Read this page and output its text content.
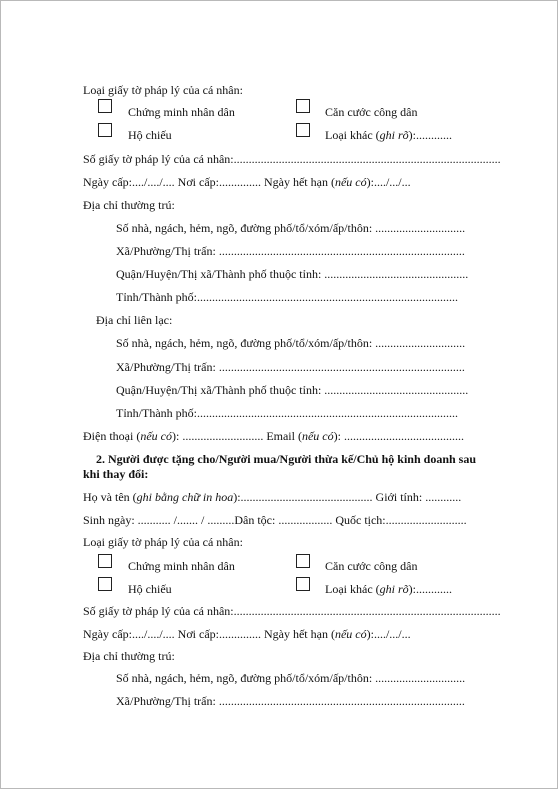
Loại giấy tờ pháp lý của cá nhân:
Chứng minh nhân dân	Căn cước công dân
Hộ chiếu	Loại khác (ghi rõ):............
Số giấy tờ pháp lý của cá nhân:.........................................................................................
Ngày cấp:..../..../.... Nơi cấp:.............. Ngày hết hạn (nếu có):..../.../...
Địa chỉ thường trú:
Số nhà, ngách, hẻm, ngõ, đường phố/tổ/xóm/ấp/thôn: ..............................
Xã/Phường/Thị trấn: ..................................................................................
Quận/Huyện/Thị xã/Thành phố thuộc tỉnh: ................................................
Tỉnh/Thành phố:.......................................................................................
Địa chỉ liên lạc:
Số nhà, ngách, hẻm, ngõ, đường phố/tổ/xóm/ấp/thôn: ..............................
Xã/Phường/Thị trấn: ..................................................................................
Quận/Huyện/Thị xã/Thành phố thuộc tỉnh: ................................................
Tỉnh/Thành phố:.......................................................................................
Điện thoại (nếu có): ........................... Email (nếu có): ........................................
2. Người được tặng cho/Người mua/Người thừa kế/Chủ hộ kinh doanh sau
khi thay đổi:
Họ và tên (ghi bằng chữ in hoa):............................................ Giới tính: ............
Sinh ngày: ........... /....... / .........Dân tộc: .................. Quốc tịch:...........................
Loại giấy tờ pháp lý của cá nhân:
Chứng minh nhân dân	Căn cước công dân
Hộ chiếu	Loại khác (ghi rõ):............
Số giấy tờ pháp lý của cá nhân:.........................................................................................
Ngày cấp:..../..../.... Nơi cấp:.............. Ngày hết hạn (nếu có):..../.../...
Địa chỉ thường trú:
Số nhà, ngách, hẻm, ngõ, đường phố/tổ/xóm/ấp/thôn: ..............................
Xã/Phường/Thị trấn: ..................................................................................
